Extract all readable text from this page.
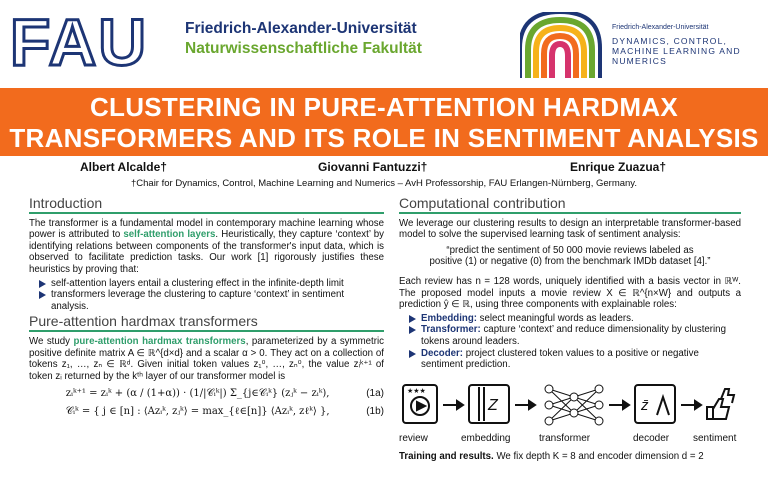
FAU Friedrich-Alexander-Universität
Naturwissenschaftliche Fakultät
Friedrich-Alexander-Universität
DYNAMICS, CONTROL, MACHINE LEARNING AND NUMERICS
CLUSTERING IN PURE-ATTENTION HARDMAX
TRANSFORMERS AND ITS ROLE IN SENTIMENT ANALYSIS
Albert Alcalde†	Giovanni Fantuzzi†	Enrique Zuazua†
†Chair for Dynamics, Control, Machine Learning and Numerics – AvH Professorship, FAU Erlangen-Nürnberg, Germany.
Introduction

The transformer is a fundamental model in contemporary machine learning whose power is attributed to self-attention layers. Heuristically, they capture ‘context’ by identifying relations between components of the transformer's input data, which is observed to facilitate prediction tasks. Our work [1] rigorously justifies these heuristics by proving that:

self-attention layers entail a clustering effect in the infinite-depth limit
transformers leverage the clustering to capture ‘context’ in sentiment analysis.
Pure-attention hardmax transformers

We study pure-attention hardmax transformers, parameterized by a symmetric positive definite matrix A ∈ ℝ^{d×d} and a scalar α > 0. They act on a collection of tokens z₁, …, zₙ ∈ ℝᵈ. Given initial token values z₁⁰, …, zₙ⁰, the value zᵢᵏ⁺¹ of token zᵢ returned by the kᵗʰ layer of our transformer model is

zᵢᵏ⁺¹ = zᵢᵏ + (α / (1+α)) · (1/|𝒞ᵢᵏ|) Σ_{j∈𝒞ᵢᵏ} (zⱼᵏ − zᵢᵏ),	(1a)
𝒞ᵢᵏ = { j ∈ [n] : ⟨Azᵢᵏ, zⱼᵏ⟩ = max_{ℓ∈[n]} ⟨Azᵢᵏ, zℓᵏ⟩ },	(1b)
Computational contribution

We leverage our clustering results to design an interpretable transformer-based model to solve the supervised learning task of sentiment analysis:

“predict the sentiment of 50 000 movie reviews labeled as
positive (1) or negative (0) from the benchmark IMDb dataset [4].”

Each review has n = 128 words, uniquely identified with a basis vector in ℝᵂ. The proposed model inputs a movie review X ∈ ℝ^{n×W} and outputs a prediction ŷ ∈ ℝ, using three components with explainable roles:

Embedding: select meaningful words as leaders.
Transformer: capture ‘context’ and reduce dimensionality by clustering tokens around leaders.
Decoder: project clustered token values to a positive or negative sentiment prediction.
★★★
Z	z̄
review	embedding	transformer	decoder sentiment

Training and results. We fix depth K = 8 and encoder dimension d = 2
